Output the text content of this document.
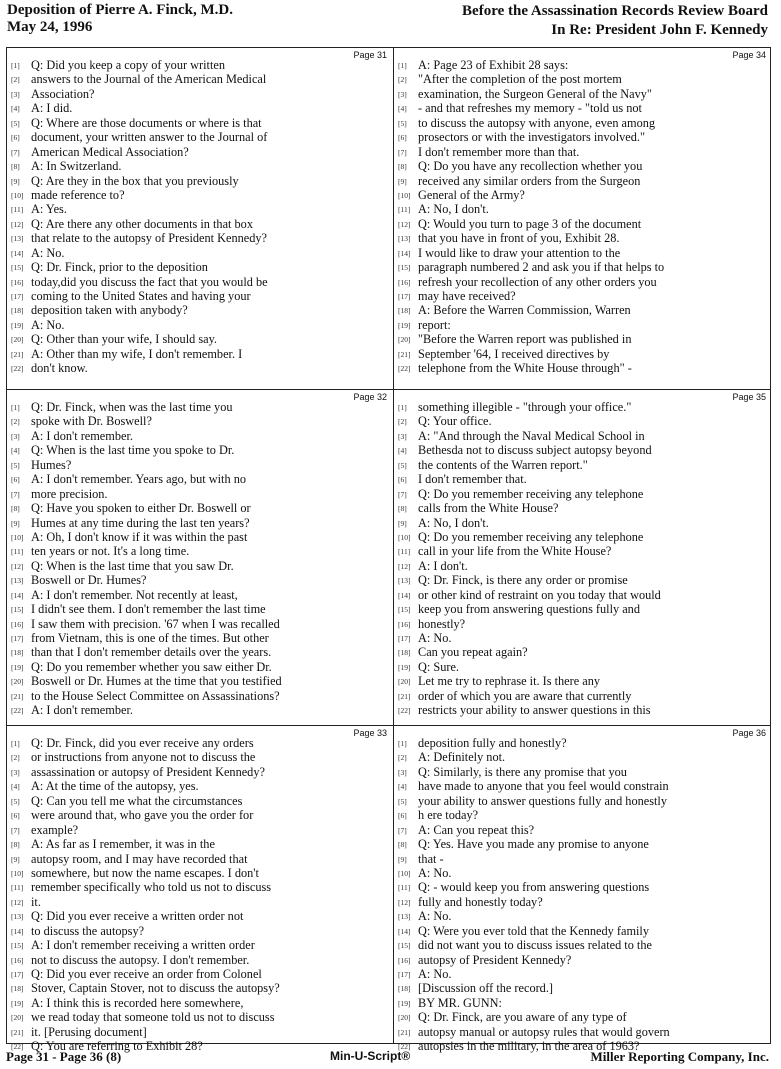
Deposition of Pierre A. Finck, M.D.
May 24, 1996
Before the Assassination Records Review Board
In Re: President John F. Kennedy
Page 31
[1] Q: Did you keep a copy of your written
[2] answers to the Journal of the American Medical
[3] Association?
[4] A: I did.
[5] Q: Where are those documents or where is that
[6] document, your written answer to the Journal of
[7] American Medical Association?
[8] A: In Switzerland.
[9] Q: Are they in the box that you previously
[10] made reference to?
[11] A: Yes.
[12] Q: Are there any other documents in that box
[13] that relate to the autopsy of President Kennedy?
[14] A: No.
[15] Q: Dr. Finck, prior to the deposition
[16] today,did you discuss the fact that you would be
[17] coming to the United States and having your
[18] deposition taken with anybody?
[19] A: No.
[20] Q: Other than your wife, I should say.
[21] A: Other than my wife, I don't remember. I
[22] don't know.
Page 34
[1] A: Page 23 of Exhibit 28 says:
[2] "After the completion of the post mortem
[3] examination, the Surgeon General of the Navy"
[4] - and that refreshes my memory - "told us not
[5] to discuss the autopsy with anyone, even among
[6] prosectors or with the investigators involved."
[7] I don't remember more than that.
[8] Q: Do you have any recollection whether you
[9] received any similar orders from the Surgeon
[10] General of the Army?
[11] A: No, I don't.
[12] Q: Would you turn to page 3 of the document
[13] that you have in front of you, Exhibit 28.
[14] I would like to draw your attention to the
[15] paragraph numbered 2 and ask you if that helps to
[16] refresh your recollection of any other orders you
[17] may have received?
[18] A: Before the Warren Commission, Warren
[19] report:
[20] "Before the Warren report was published in
[21] September '64, I received directives by
[22] telephone from the White House through" -
Page 32
[1] Q: Dr. Finck, when was the last time you
[2] spoke with Dr. Boswell?
[3] A: I don't remember.
[4] Q: When is the last time you spoke to Dr.
[5] Humes?
[6] A: I don't remember. Years ago, but with no
[7] more precision.
[8] Q: Have you spoken to either Dr. Boswell or
[9] Humes at any time during the last ten years?
[10] A: Oh, I don't know if it was within the past
[11] ten years or not. It's a long time.
[12] Q: When is the last time that you saw Dr.
[13] Boswell or Dr. Humes?
[14] A: I don't remember. Not recently at least,
[15] I didn't see them. I don't remember the last time
[16] I saw them with precision. '67 when I was recalled
[17] from Vietnam, this is one of the times. But other
[18] than that I don't remember details over the years.
[19] Q: Do you remember whether you saw either Dr.
[20] Boswell or Dr. Humes at the time that you testified
[21] to the House Select Committee on Assassinations?
[22] A: I don't remember.
Page 35
[1] something illegible - "through your office."
[2] Q: Your office.
[3] A: "And through the Naval Medical School in
[4] Bethesda not to discuss subject autopsy beyond
[5] the contents of the Warren report."
[6] I don't remember that.
[7] Q: Do you remember receiving any telephone
[8] calls from the White House?
[9] A: No, I don't.
[10] Q: Do you remember receiving any telephone
[11] call in your life from the White House?
[12] A: I don't.
[13] Q: Dr. Finck, is there any order or promise
[14] or other kind of restraint on you today that would
[15] keep you from answering questions fully and
[16] honestly?
[17] A: No.
[18] Can you repeat again?
[19] Q: Sure.
[20] Let me try to rephrase it. Is there any
[21] order of which you are aware that currently
[22] restricts your ability to answer questions in this
Page 33
[1] Q: Dr. Finck, did you ever receive any orders
[2] or instructions from anyone not to discuss the
[3] assassination or autopsy of President Kennedy?
[4] A: At the time of the autopsy, yes.
[5] Q: Can you tell me what the circumstances
[6] were around that, who gave you the order for
[7] example?
[8] A: As far as I remember, it was in the
[9] autopsy room, and I may have recorded that
[10] somewhere, but now the name escapes. I don't
[11] remember specifically who told us not to discuss
[12] it.
[13] Q: Did you ever receive a written order not
[14] to discuss the autopsy?
[15] A: I don't remember receiving a written order
[16] not to discuss the autopsy. I don't remember.
[17] Q: Did you ever receive an order from Colonel
[18] Stover, Captain Stover, not to discuss the autopsy?
[19] A: I think this is recorded here somewhere,
[20] we read today that someone told us not to discuss
[21] it. [Perusing document]
[22] Q: You are referring to Exhibit 28?
Page 36
[1] deposition fully and honestly?
[2] A: Definitely not.
[3] Q: Similarly, is there any promise that you
[4] have made to anyone that you feel would constrain
[5] your ability to answer questions fully and honestly
[6] h ere today?
[7] A: Can you repeat this?
[8] Q: Yes. Have you made any promise to anyone
[9] that -
[10] A: No.
[11] Q: - would keep you from answering questions
[12] fully and honestly today?
[13] A: No.
[14] Q: Were you ever told that the Kennedy family
[15] did not want you to discuss issues related to the
[16] autopsy of President Kennedy?
[17] A: No.
[18] [Discussion off the record.]
[19] BY MR. GUNN:
[20] Q: Dr. Finck, are you aware of any type of
[21] autopsy manual or autopsy rules that would govern
[22] autopsies in the military, in the area of 1963?
Page 31 - Page 36 (8)	Min-U-Script®	Miller Reporting Company, Inc.
